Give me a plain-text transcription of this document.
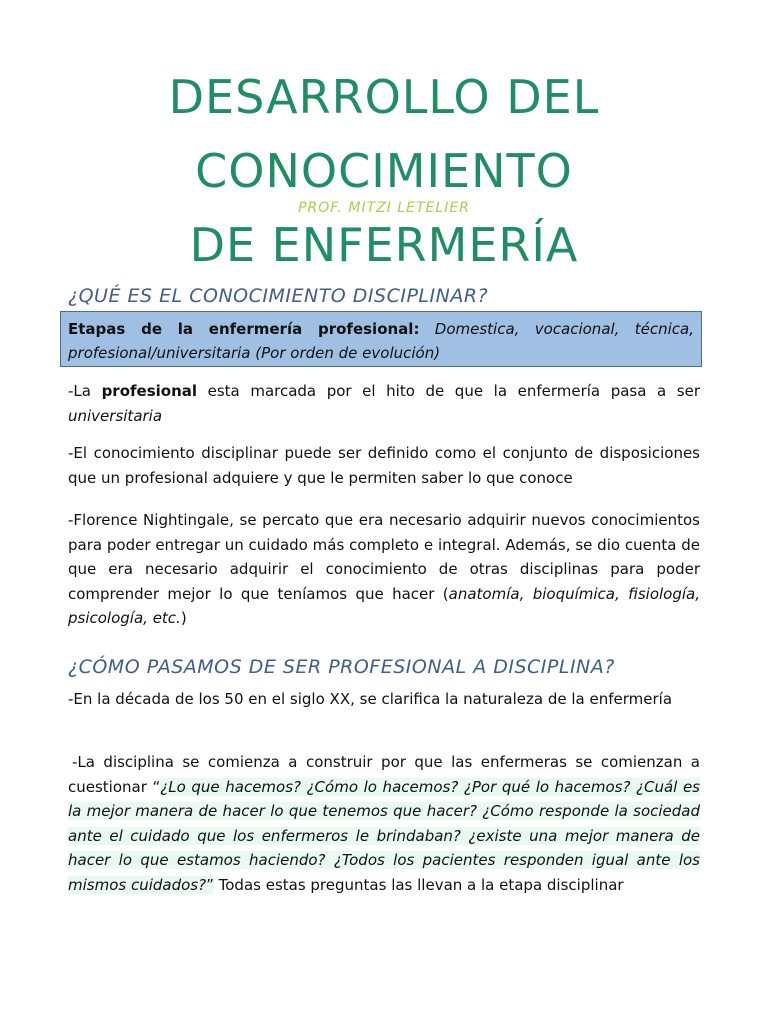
DESARROLLO DEL CONOCIMIENTO
DE ENFERMERÍA
PROF. MITZI LETELIER
¿QUÉ ES EL CONOCIMIENTO DISCIPLINAR?
Etapas de la enfermería profesional: Domestica, vocacional, técnica, profesional/universitaria (Por orden de evolución)

-La profesional esta marcada por el hito de que la enfermería pasa a ser universitaria

-El conocimiento disciplinar puede ser definido como el conjunto de disposiciones que un profesional adquiere y que le permiten saber lo que conoce

-Florence Nightingale, se percato que era necesario adquirir nuevos conocimientos para poder entregar un cuidado más completo e integral. Además, se dio cuenta de que era necesario adquirir el conocimiento de otras disciplinas para poder comprender mejor lo que teníamos que hacer (anatomía, bioquímica, fisiología, psicología, etc.)

¿CÓMO PASAMOS DE SER PROFESIONAL A DISCIPLINA?

-En la década de los 50 en el siglo XX, se clarifica la naturaleza de la enfermería

-La disciplina se comienza a construir por que las enfermeras se comienzan a cuestionar “¿Lo que hacemos? ¿Cómo lo hacemos? ¿Por qué lo hacemos? ¿Cuál es la mejor manera de hacer lo que tenemos que hacer? ¿Cómo responde la sociedad ante el cuidado que los enfermeros le brindaban? ¿existe una mejor manera de hacer lo que estamos haciendo? ¿Todos los pacientes responden igual ante los mismos cuidados?” Todas estas preguntas las llevan a la etapa disciplinar
